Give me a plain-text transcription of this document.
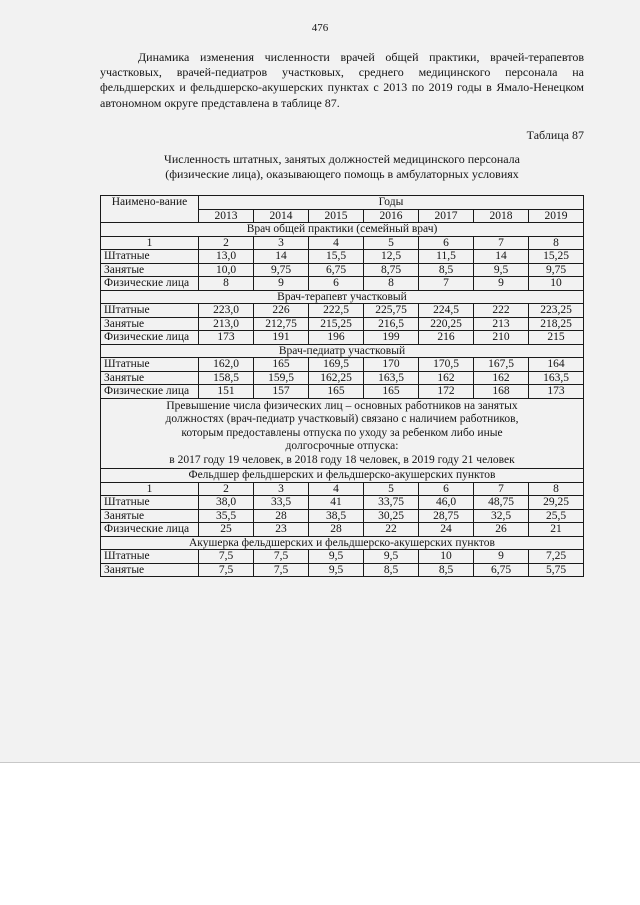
476

Динамика изменения численности врачей общей практики, врачей-терапевтов участковых, врачей-педиатров участковых, среднего медицинского персонала на фельдшерских и фельдшерско-акушерских пунктах с 2013 по 2019 годы в Ямало-Ненецком автономном округе представлена в таблице 87.

Таблица 87

Численность штатных, занятых должностей медицинского персонала
(физические лица), оказывающего помощь в амбулаторных условиях

Наимено-вание	Годы						
	2013	2014	2015	2016	2017	2018	2019
Врач общей практики (семейный врач)							
1	2	3	4	5	6	7	8
Штатные	13,0	14	15,5	12,5	11,5	14	15,25
Занятые	10,0	9,75	6,75	8,75	8,5	9,5	9,75
Физические лица	8	9	6	8	7	9	10
Врач-терапевт участковый							
Штатные	223,0	226	222,5	225,75	224,5	222	223,25
Занятые	213,0	212,75	215,25	216,5	220,25	213	218,25
Физические лица	173	191	196	199	216	210	215
Врач-педиатр участковый							
Штатные	162,0	165	169,5	170	170,5	167,5	164
Занятые	158,5	159,5	162,25	163,5	162	162	163,5
Физические лица	151	157	165	165	172	168	173
Превышение числа физических лиц – основных работников на занятых
должностях (врач-педиатр участковый) связано с наличием работников,
которым предоставлены отпуска по уходу за ребенком либо иные
долгосрочные отпуска:
в 2017 году 19 человек, в 2018 году 18 человек, в 2019 году 21 человек							
Фельдшер фельдшерских и фельдшерско-акушерских пунктов							
1	2	3	4	5	6	7	8
Штатные	38,0	33,5	41	33,75	46,0	48,75	29,25
Занятые	35,5	28	38,5	30,25	28,75	32,5	25,5
Физические лица	25	23	28	22	24	26	21
Акушерка фельдшерских и фельдшерско-акушерских пунктов							
Штатные	7,5	7,5	9,5	9,5	10	9	7,25
Занятые	7,5	7,5	9,5	8,5	8,5	6,75	5,75
